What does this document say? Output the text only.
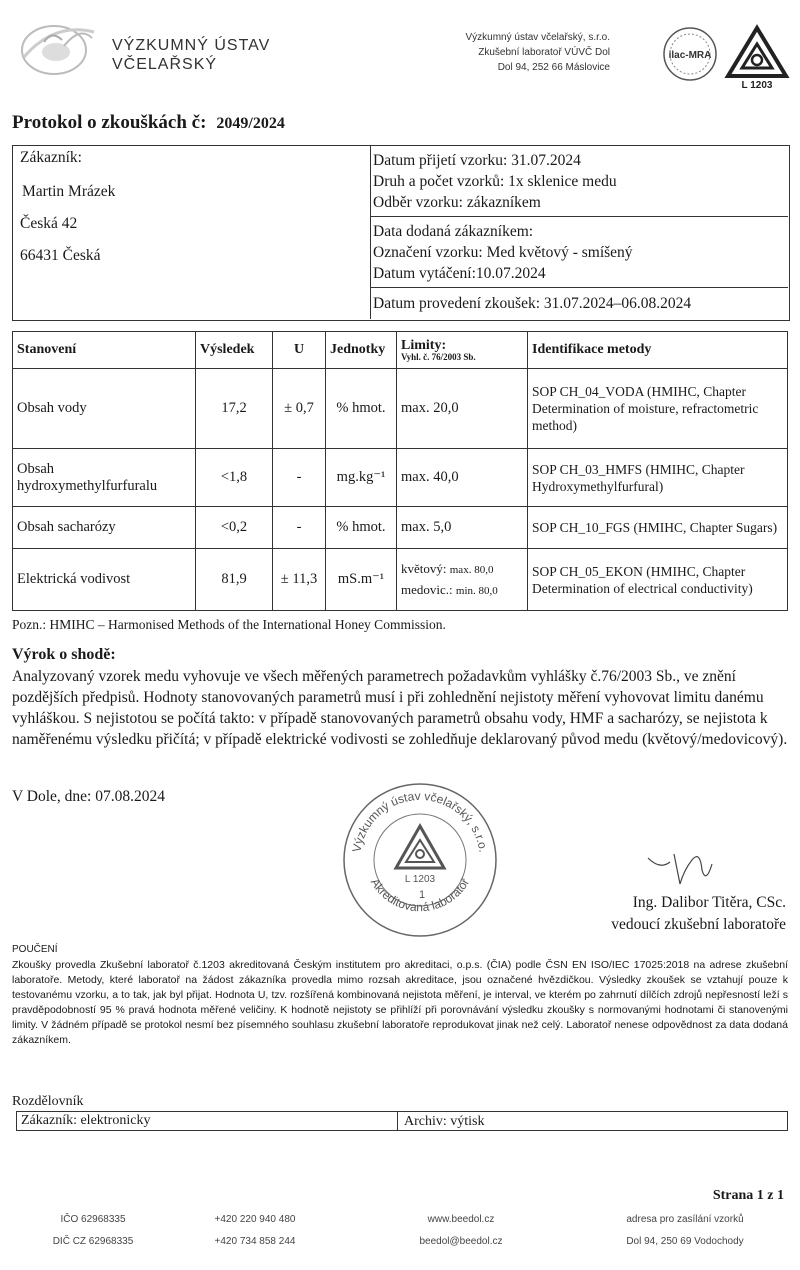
VÝZKUMNÝ ÚSTAV
VČELAŘSKÝ
Výzkumný ústav včelařský, s.r.o.
Zkušební laboratoř VÚVČ Dol
Dol 94, 252 66 Máslovice
ilac-MRA
L 1203
Protokol o zkouškách č: 2049/2024
Zákazník:
Martin Mrázek
Česká 42
66431 Česká
Datum přijetí vzorku: 31.07.2024
Druh a počet vzorků: 1x sklenice medu
Odběr vzorku: zákazníkem
Data dodaná zákazníkem:
Označení vzorku: Med květový - smíšený
Datum vytáčení:10.07.2024
Datum provedení zkoušek: 31.07.2024–06.08.2024
Stanovení	Výsledek	U	Jednotky	Limity:
Vyhl. č. 76/2003 Sb.	Identifikace metody
Obsah vody	17,2	± 0,7	% hmot.	max. 20,0	SOP CH_04_VODA (HMIHC, Chapter Determination of moisture, refractometric method)
Obsah hydroxymethylfurfuralu	<1,8	-	mg.kg⁻¹	max. 40,0	SOP CH_03_HMFS (HMIHC, Chapter Hydroxymethylfurfural)
Obsah sacharózy	<0,2	-	% hmot.	max. 5,0	SOP CH_10_FGS (HMIHC, Chapter Sugars)
Elektrická vodivost	81,9	± 11,3	mS.m⁻¹	květový: max. 80,0
medovic.: min. 80,0	SOP CH_05_EKON (HMIHC, Chapter Determination of electrical conductivity)
Pozn.: HMIHC – Harmonised Methods of the International Honey Commission.
Výrok o shodě:
Analyzovaný vzorek medu vyhovuje ve všech měřených parametrech požadavkům vyhlášky č.76/2003 Sb., ve znění pozdějších předpisů. Hodnoty stanovovaných parametrů musí i při zohlednění nejistoty měření vyhovovat limitu danému vyhláškou. S nejistotou se počítá takto: v případě stanovovaných parametrů obsahu vody, HMF a sacharózy, se nejistota k naměřenému výsledku přičítá; v případě elektrické vodivosti se zohledňuje deklarovaný původ medu (květový/medovicový).
V Dole, dne: 07.08.2024
Výzkumný ústav včelařský, s.r.o.
Akreditovaná laboratoř
L 1203
1	Ing. Dalibor Titěra, CSc.
vedoucí zkušební laboratoře
POUČENÍ
Zkoušky provedla Zkušební laboratoř č.1203 akreditovaná Českým institutem pro akreditaci, o.p.s. (ČIA) podle ČSN EN ISO/IEC 17025:2018 na adrese zkušební laboratoře. Metody, které laboratoř na žádost zákazníka provedla mimo rozsah akreditace, jsou označené hvězdičkou. Výsledky zkoušek se vztahují pouze k testovanému vzorku, a to tak, jak byl přijat. Hodnota U, tzv. rozšířená kombinovaná nejistota měření, je interval, ve kterém po zahrnutí dílčích zdrojů nepřesností leží s pravděpodobností 95 % pravá hodnota měřené veličiny. K hodnotě nejistoty se přihlíží při porovnávání výsledku zkoušky s normovanými hodnotami či stanovenými limity. V žádném případě se protokol nesmí bez písemného souhlasu zkušební laboratoře reprodukovat jinak než celý. Laboratoř nenese odpovědnost za data dodaná zákazníkem.
Rozdělovník
Zákazník: elektronicky	Archiv: výtisk
Strana 1 z 1
IČO 62968335
DIČ CZ 62968335
+420 220 940 480
+420 734 858 244
www.beedol.cz
beedol@beedol.cz
adresa pro zasílání vzorků
Dol 94, 250 69 Vodochody
